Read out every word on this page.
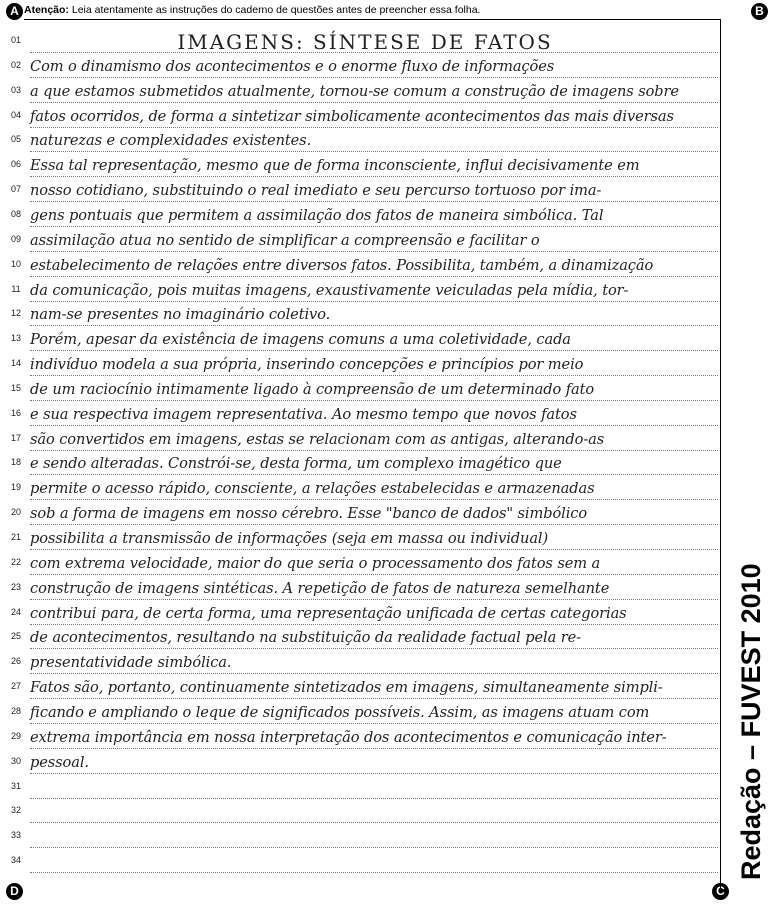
A	B
C
D
Atenção: Leia atentamente as instruções do caderno de questões antes de preencher essa folha.
01	IMAGENS: SÍNTESE DE FATOS
02 Com o dinamismo dos acontecimentos e o enorme fluxo de informações
03 a que estamos submetidos atualmente, tornou-se comum a construção de imagens sobre
04 fatos ocorridos, de forma a sintetizar simbolicamente acontecimentos das mais diversas
05 naturezas e complexidades existentes.
06 Essa tal representação, mesmo que de forma inconsciente, influi decisivamente em
07 nosso cotidiano, substituindo o real imediato e seu percurso tortuoso por ima-
08 gens pontuais que permitem a assimilação dos fatos de maneira simbólica. Tal
09 assimilação atua no sentido de simplificar a compreensão e facilitar o
10 estabelecimento de relações entre diversos fatos. Possibilita, também, a dinamização
11 da comunicação, pois muitas imagens, exaustivamente veiculadas pela mídia, tor-
12 nam-se presentes no imaginário coletivo.
13 Porém, apesar da existência de imagens comuns a uma coletividade, cada
14 indivíduo modela a sua própria, inserindo concepções e princípios por meio
15 de um raciocínio intimamente ligado à compreensão de um determinado fato
16 e sua respectiva imagem representativa. Ao mesmo tempo que novos fatos
17 são convertidos em imagens, estas se relacionam com as antigas, alterando-as
18 e sendo alteradas. Constrói-se, desta forma, um complexo imagético que
19 permite o acesso rápido, consciente, a relações estabelecidas e armazenadas
20 sob a forma de imagens em nosso cérebro. Esse "banco de dados" simbólico
21 possibilita a transmissão de informações (seja em massa ou individual)
22 com extrema velocidade, maior do que seria o processamento dos fatos sem a
23 construção de imagens sintéticas. A repetição de fatos de natureza semelhante
24 contribui para, de certa forma, uma representação unificada de certas categorias
25 de acontecimentos, resultando na substituição da realidade factual pela re-
26 presentatividade simbólica.
27 Fatos são, portanto, continuamente sintetizados em imagens, simultaneamente simpli-
28 ficando e ampliando o leque de significados possíveis. Assim, as imagens atuam com
29 extrema importância em nossa interpretação dos acontecimentos e comunicação inter-
30 pessoal.
31
32
33
34	Redação – FUVEST 2010
